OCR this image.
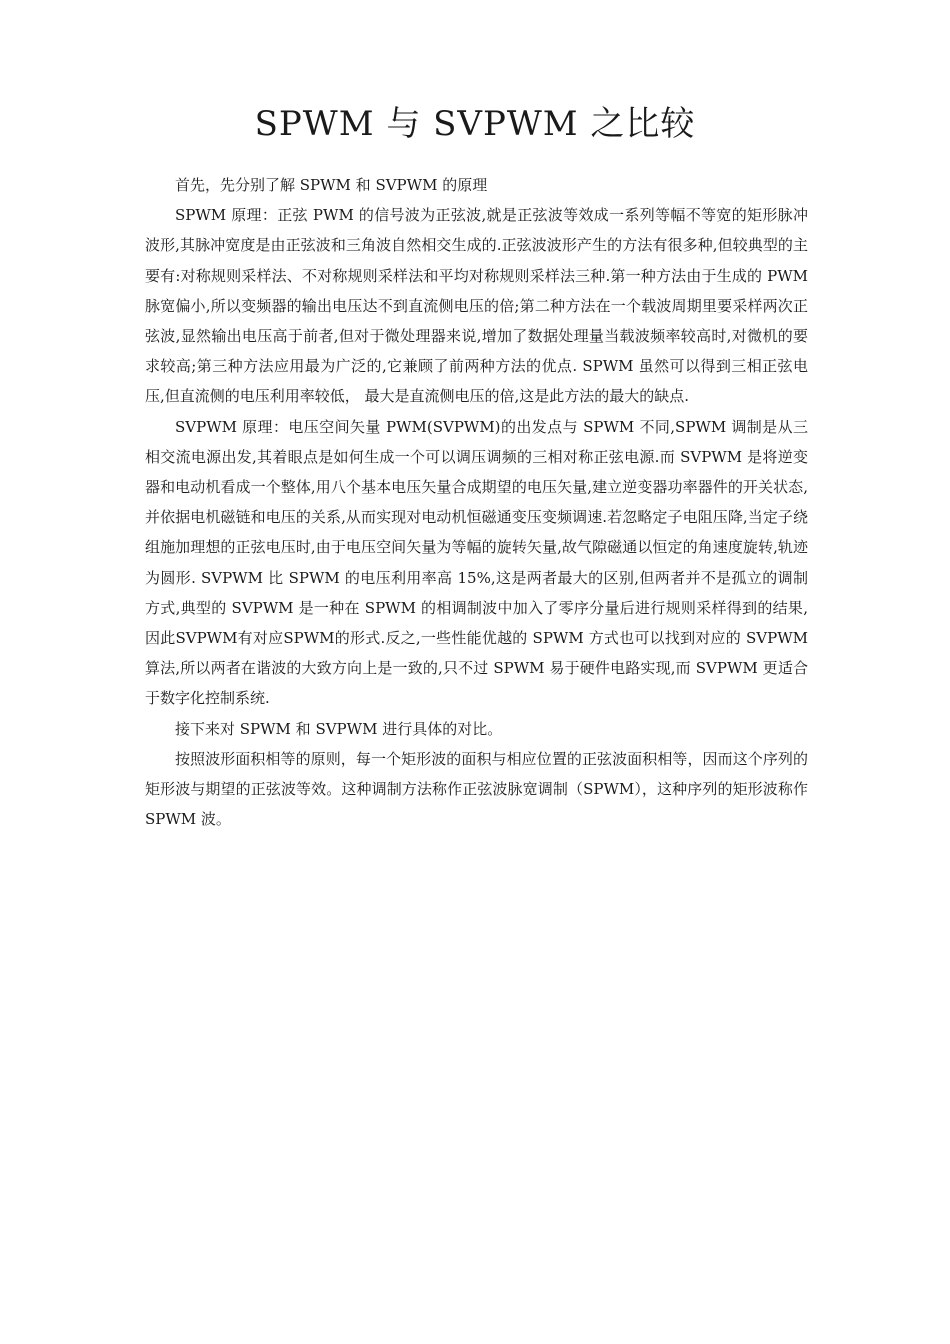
SPWM 与 SVPWM 之比较

首先，先分别了解 SPWM 和 SVPWM 的原理

SPWM 原理：正弦 PWM 的信号波为正弦波,就是正弦波等效成一系列等幅不等宽的矩形脉冲波形,其脉冲宽度是由正弦波和三角波自然相交生成的.正弦波波形产生的方法有很多种,但较典型的主要有:对称规则采样法、不对称规则采样法和平均对称规则采样法三种.第一种方法由于生成的 PWM 脉宽偏小,所以变频器的输出电压达不到直流侧电压的倍;第二种方法在一个载波周期里要采样两次正弦波,显然输出电压高于前者,但对于微处理器来说,增加了数据处理量当载波频率较高时,对微机的要求较高;第三种方法应用最为广泛的,它兼顾了前两种方法的优点. SPWM 虽然可以得到三相正弦电压,但直流侧的电压利用率较低， 最大是直流侧电压的倍,这是此方法的最大的缺点.

SVPWM 原理：电压空间矢量 PWM(SVPWM)的出发点与 SPWM 不同,SPWM 调制是从三相交流电源出发,其着眼点是如何生成一个可以调压调频的三相对称正弦电源.而 SVPWM 是将逆变器和电动机看成一个整体,用八个基本电压矢量合成期望的电压矢量,建立逆变器功率器件的开关状态,并依据电机磁链和电压的关系,从而实现对电动机恒磁通变压变频调速.若忽略定子电阻压降,当定子绕组施加理想的正弦电压时,由于电压空间矢量为等幅的旋转矢量,故气隙磁通以恒定的角速度旋转,轨迹为圆形. SVPWM 比 SPWM 的电压利用率高 15%,这是两者最大的区别,但两者并不是孤立的调制方式,典型的 SVPWM 是一种在 SPWM 的相调制波中加入了零序分量后进行规则采样得到的结果,因此SVPWM有对应SPWM的形式.反之,一些性能优越的 SPWM 方式也可以找到对应的 SVPWM 算法,所以两者在谐波的大致方向上是一致的,只不过 SPWM 易于硬件电路实现,而 SVPWM 更适合于数字化控制系统.

接下来对 SPWM 和 SVPWM 进行具体的对比。

按照波形面积相等的原则，每一个矩形波的面积与相应位置的正弦波面积相等，因而这个序列的矩形波与期望的正弦波等效。这种调制方法称作正弦波脉宽调制（SPWM），这种序列的矩形波称作 SPWM 波。
